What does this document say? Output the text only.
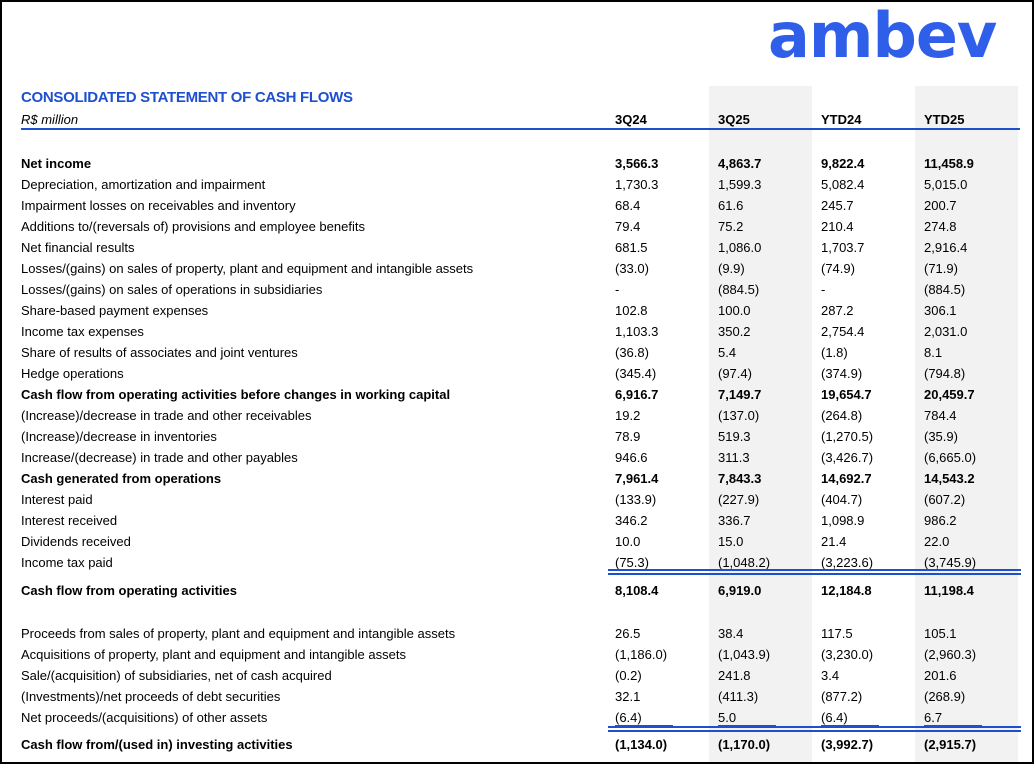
ambev
CONSOLIDATED STATEMENT OF CASH FLOWS
R$ million	3Q24	3Q25	YTD24	YTD25
Net income	3,566.3	4,863.7	9,822.4	11,458.9
Depreciation, amortization and impairment	1,730.3	1,599.3	5,082.4	5,015.0
Impairment losses on receivables and inventory	68.4	61.6	245.7	200.7
Additions to/(reversals of) provisions and employee benefits	79.4	75.2	210.4	274.8
Net financial results	681.5	1,086.0	1,703.7	2,916.4
Losses/(gains) on sales of property, plant and equipment and intangible assets	(33.0)	(9.9)	(74.9)	(71.9)
Losses/(gains) on sales of operations in subsidiaries	-	(884.5)	-	(884.5)
Share-based payment expenses	102.8	100.0	287.2	306.1
Income tax expenses	1,103.3	350.2	2,754.4	2,031.0
Share of results of associates and joint ventures	(36.8)	5.4	(1.8)	8.1
Hedge operations	(345.4)	(97.4)	(374.9)	(794.8)
Cash flow from operating activities before changes in working capital	6,916.7	7,149.7	19,654.7	20,459.7
(Increase)/decrease in trade and other receivables	19.2	(137.0)	(264.8)	784.4
(Increase)/decrease in inventories	78.9	519.3	(1,270.5)	(35.9)
Increase/(decrease) in trade and other payables	946.6	311.3	(3,426.7)	(6,665.0)
Cash generated from operations	7,961.4	7,843.3	14,692.7	14,543.2
Interest paid	(133.9)	(227.9)	(404.7)	(607.2)
Interest received	346.2	336.7	1,098.9	986.2
Dividends received	10.0	15.0	21.4	22.0
Income tax paid	(75.3)	(1,048.2)	(3,223.6)	(3,745.9)
Cash flow from operating activities	8,108.4	6,919.0	12,184.8	11,198.4
Proceeds from sales of property, plant and equipment and intangible assets	26.5	38.4	117.5	105.1
Acquisitions of property, plant and equipment and intangible assets	(1,186.0)	(1,043.9)	(3,230.0)	(2,960.3)
Sale/(acquisition) of subsidiaries, net of cash acquired	(0.2)	241.8	3.4	201.6
(Investments)/net proceeds of debt securities	32.1	(411.3)	(877.2)	(268.9)
Net proceeds/(acquisitions) of other assets	(6.4)	5.0	(6.4)	6.7
Cash flow from/(used in) investing activities	(1,134.0)	(1,170.0)	(3,992.7)	(2,915.7)
